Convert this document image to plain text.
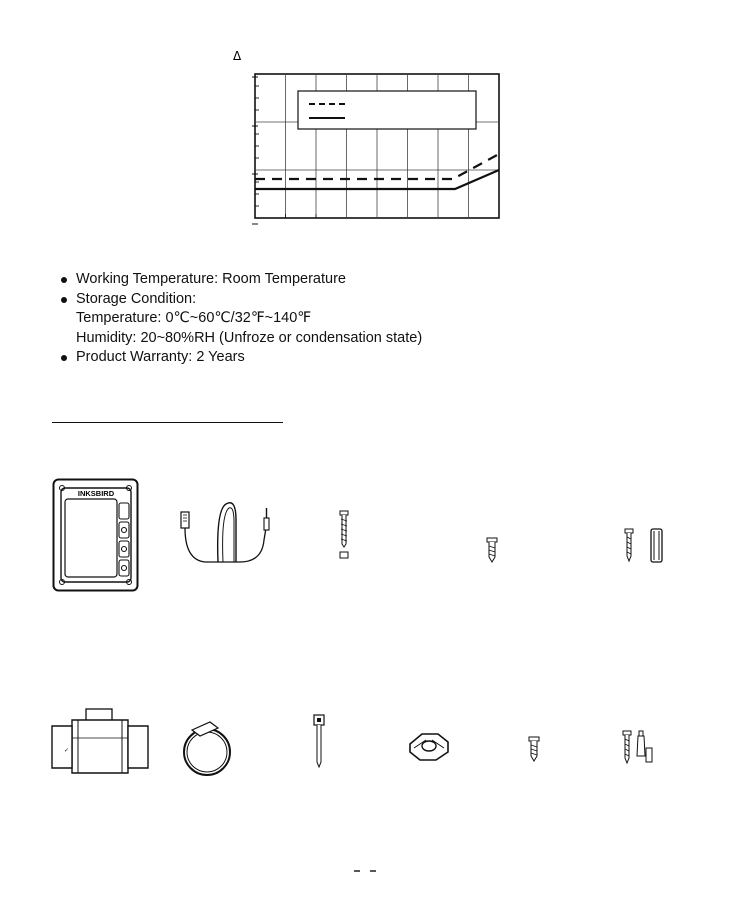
Δ
Working Temperature: Room Temperature
Storage Condition:
Temperature: 0℃~60℃/32℉~140℉
Humidity: 20~80%RH (Unfroze or condensation state)
Product Warranty: 2 Years
INKSBIRD
✓
